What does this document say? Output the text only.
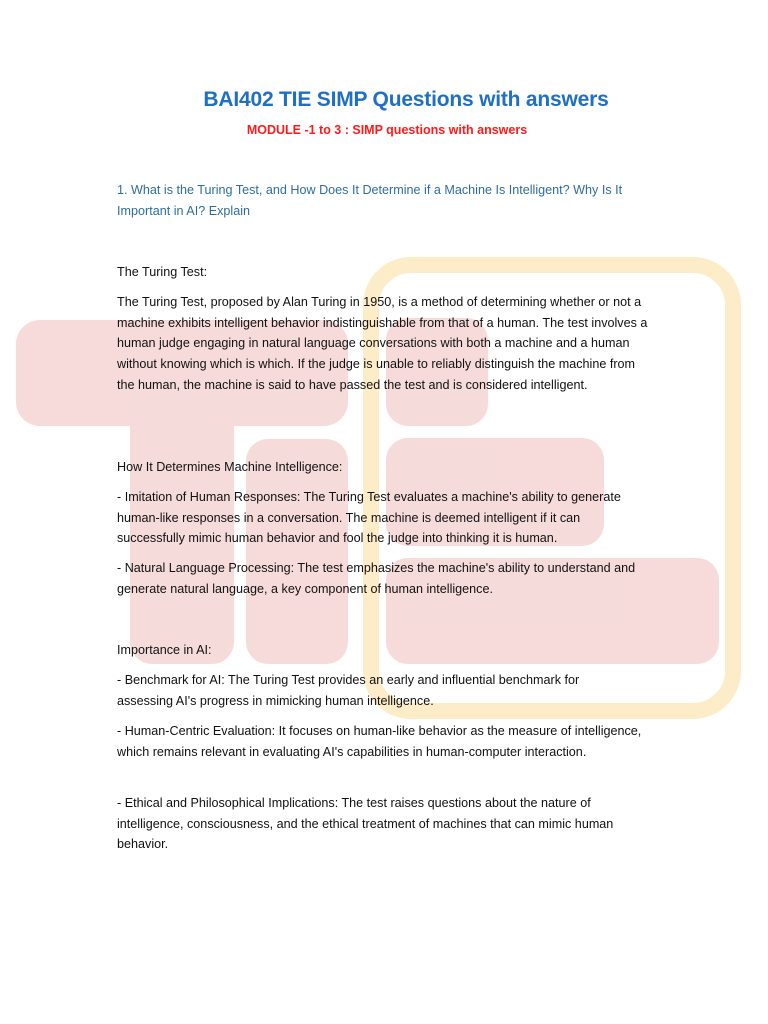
BAI402 TIE SIMP Questions with answers
MODULE -1 to 3 : SIMP questions with answers
1. What is the Turing Test, and How Does It Determine if a Machine Is Intelligent? Why Is It Important in AI? Explain
The Turing Test:
The Turing Test, proposed by Alan Turing in 1950, is a method of determining whether or not a machine exhibits intelligent behavior indistinguishable from that of a human. The test involves a human judge engaging in natural language conversations with both a machine and a human without knowing which is which. If the judge is unable to reliably distinguish the machine from the human, the machine is said to have passed the test and is considered intelligent.
How It Determines Machine Intelligence:
- Imitation of Human Responses: The Turing Test evaluates a machine's ability to generate human-like responses in a conversation. The machine is deemed intelligent if it can successfully mimic human behavior and fool the judge into thinking it is human.
- Natural Language Processing: The test emphasizes the machine's ability to understand and generate natural language, a key component of human intelligence.
Importance in AI:
- Benchmark for AI: The Turing Test provides an early and influential benchmark for assessing AI's progress in mimicking human intelligence.
- Human-Centric Evaluation: It focuses on human-like behavior as the measure of intelligence, which remains relevant in evaluating AI's capabilities in human-computer interaction.
- Ethical and Philosophical Implications: The test raises questions about the nature of intelligence, consciousness, and the ethical treatment of machines that can mimic human behavior.
